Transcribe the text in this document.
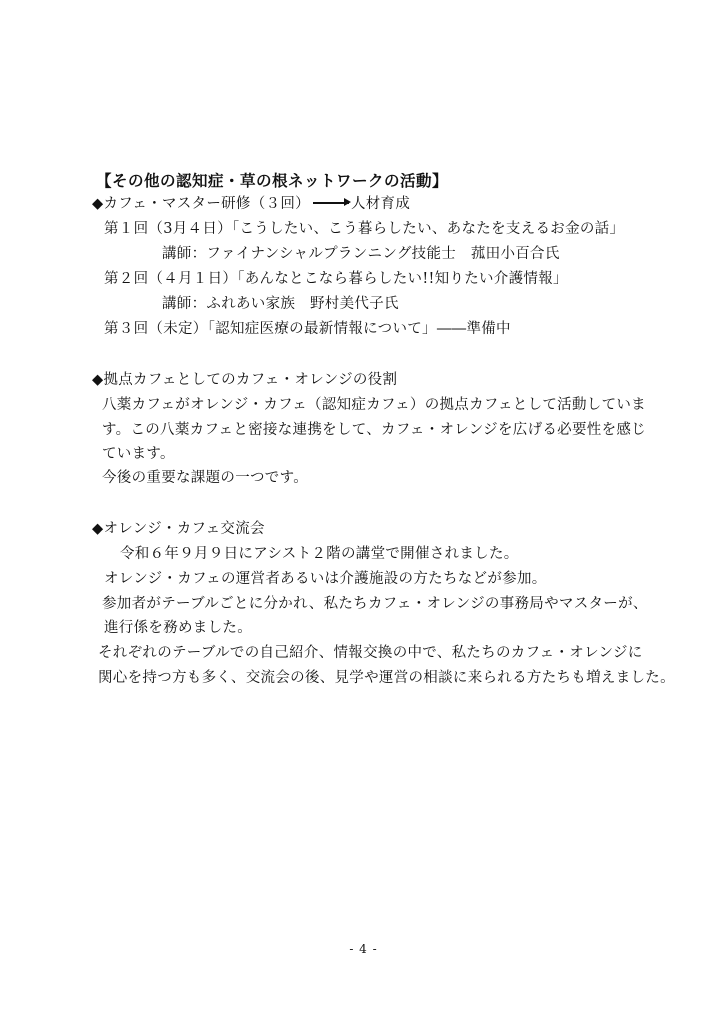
【その他の認知症・草の根ネットワークの活動】
◆カフェ・マスター研修（３回）	人材育成
第１回（3月４日）「こうしたい、こう暮らしたい、あなたを支えるお金の話」
講師：ファイナンシャルプランニング技能士　菰田小百合氏
第２回（４月１日）「あんなとこなら暮らしたい!!知りたい介護情報」
講師：ふれあい家族　野村美代子氏
第３回（未定）「認知症医療の最新情報について」――準備中
◆拠点カフェとしてのカフェ・オレンジの役割
八薬カフェがオレンジ・カフェ（認知症カフェ）の拠点カフェとして活動していま
す。この八薬カフェと密接な連携をして、カフェ・オレンジを広げる必要性を感じ
ています。
今後の重要な課題の一つです。
◆オレンジ・カフェ交流会
令和６年９月９日にアシスト２階の講堂で開催されました。
オレンジ・カフェの運営者あるいは介護施設の方たちなどが参加。
参加者がテーブルごとに分かれ、私たちカフェ・オレンジの事務局やマスターが、
進行係を務めました。
それぞれのテーブルでの自己紹介、情報交換の中で、私たちのカフェ・オレンジに
関心を持つ方も多く、交流会の後、見学や運営の相談に来られる方たちも増えました。
- 4 -
